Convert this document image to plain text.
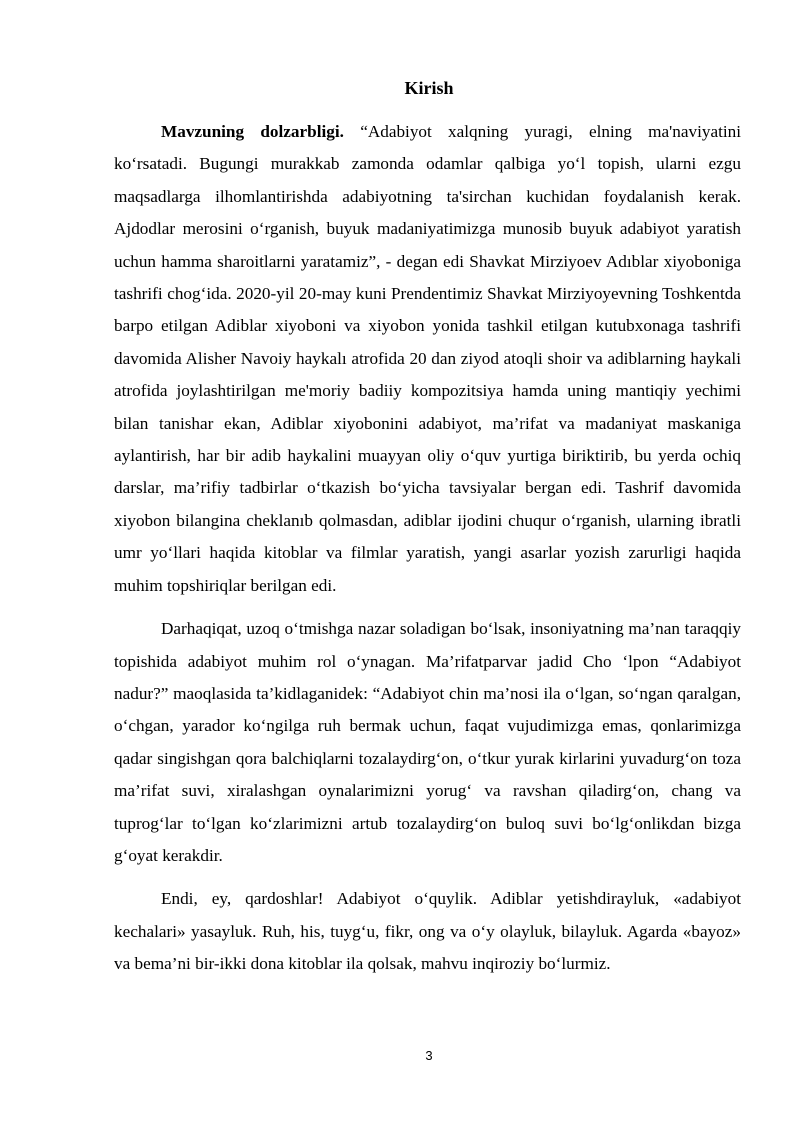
Kirish

Mavzuning dolzarbligi. “Adabiyot xalqning yuragi, elning ma'naviyatini koʻrsatadi. Bugungi murakkab zamonda odamlar qalbiga yoʻl topish, ularni ezgu maqsadlarga ilhomlantirishda adabiyotning ta'sirchan kuchidan foydalanish kerak. Ajdodlar merosini oʻrganish, buyuk madaniyatimizga munosib buyuk adabiyot yaratish uchun hamma sharoitlarni yaratamiz”, - degan edi Shavkat Mirziyoev Adıblar xiyoboniga tashrifi chogʻida. 2020-yil 20-may kuni Prendentimiz Shavkat Mirziyoyevning Toshkentda barpo etilgan Adiblar xiyoboni va xiyobon yonida tashkil etilgan kutubxonaga tashrifi davomida Alisher Navoiy haykalı atrofida 20 dan ziyod atoqli shoir va adiblarning haykali atrofida joylashtirilgan me'moriy badiiy kompozitsiya hamda uning mantiqiy yechimi bilan tanishar ekan, Adiblar xiyobonini adabiyot, ma’rifat va madaniyat maskaniga aylantirish, har bir adib haykalini muayyan oliy oʻquv yurtiga biriktirib, bu yerda ochiq darslar, ma’rifiy tadbirlar oʻtkazish boʻyicha tavsiyalar bergan edi. Tashrif davomida xiyobon bilangina cheklanıb qolmasdan, adiblar ijodini chuqur oʻrganish, ularning ibratli umr yoʻllari haqida kitoblar va filmlar yaratish, yangi asarlar yozish zarurligi haqida muhim topshiriqlar berilgan edi.

Darhaqiqat, uzoq oʻtmishga nazar soladigan boʻlsak, insoniyatning ma’nan taraqqiy topishida adabiyot muhim rol oʻynagan. Ma’rifatparvar jadid Cho ‘lpon “Adabiyot nadur?” maoqlasida ta’kidlaganidek: “Adabiyot chin ma’nosi ila oʻlgan, soʻngan qaralgan, oʻchgan, yarador koʻngilga ruh bermak uchun, faqat vujudimizga emas, qonlarimizga qadar singishgan qora balchiqlarni tozalaydirgʻon, oʻtkur yurak kirlarini yuvadurgʻon toza ma’rifat suvi, xiralashgan oynalarimizni yorugʻ va ravshan qiladirgʻon, chang va tuprogʻlar toʻlgan koʻzlarimizni artub tozalaydirgʻon buloq suvi boʻlgʻonlikdan bizga gʻoyat kerakdir.

Endi, ey, qardoshlar! Adabiyot oʻquylik. Adiblar yetishdirayluk, «adabiyot kechalari» yasayluk. Ruh, his, tuygʻu, fikr, ong va oʻy olayluk, bilayluk. Agarda «bayoz» va bema’ni bir-ikki dona kitoblar ila qolsak, mahvu inqiroziy boʻlurmiz.

3
